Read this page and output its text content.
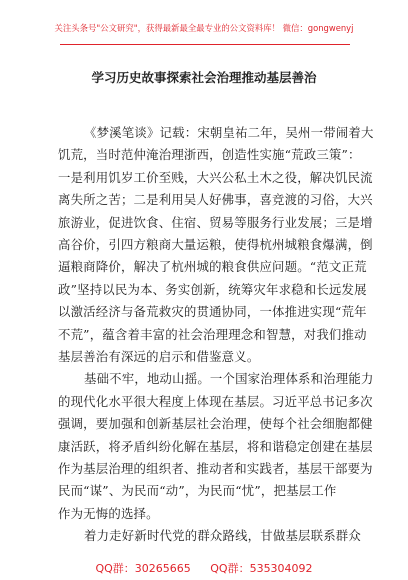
关注头条号"公文研究"，获得最新最全最专业的公文资料库！ 微信：gongwenyj
学习历史故事探索社会治理推动基层善治
《梦溪笔谈》记载：宋朝皇祐二年，吴州一带闹着大
饥荒，当时范仲淹治理浙西，创造性实施“荒政三策”：
一是利用饥岁工价至贱，大兴公私土木之役，解决饥民流
离失所之苦；二是利用吴人好佛事，喜竞渡的习俗，大兴
旅游业，促进饮食、住宿、贸易等服务行业发展；三是增
高谷价，引四方粮商大量运粮，使得杭州城粮食爆满，倒
逼粮商降价，解决了杭州城的粮食供应问题。“范文正荒
政”坚持以民为本、务实创新，统筹灾年求稳和长远发展
以激活经济与备荒救灾的贯通协同，一体推进实现“荒年
不荒”，蕴含着丰富的社会治理理念和智慧，对我们推动
基层善治有深远的启示和借鉴意义。
基础不牢，地动山摇。一个国家治理体系和治理能力
的现代化水平很大程度上体现在基层。习近平总书记多次
强调，要加强和创新基层社会治理，使每个社会细胞都健
康活跃，将矛盾纠纷化解在基层，将和谐稳定创建在基层
作为基层治理的组织者、推动者和实践者，基层干部要为
民而“谋”、为民而“动”，为民而“忧”，把基层工作
作为无悔的选择。
着力走好新时代党的群众路线，甘做基层联系群众
QQ群：30265665 QQ群：535304092
